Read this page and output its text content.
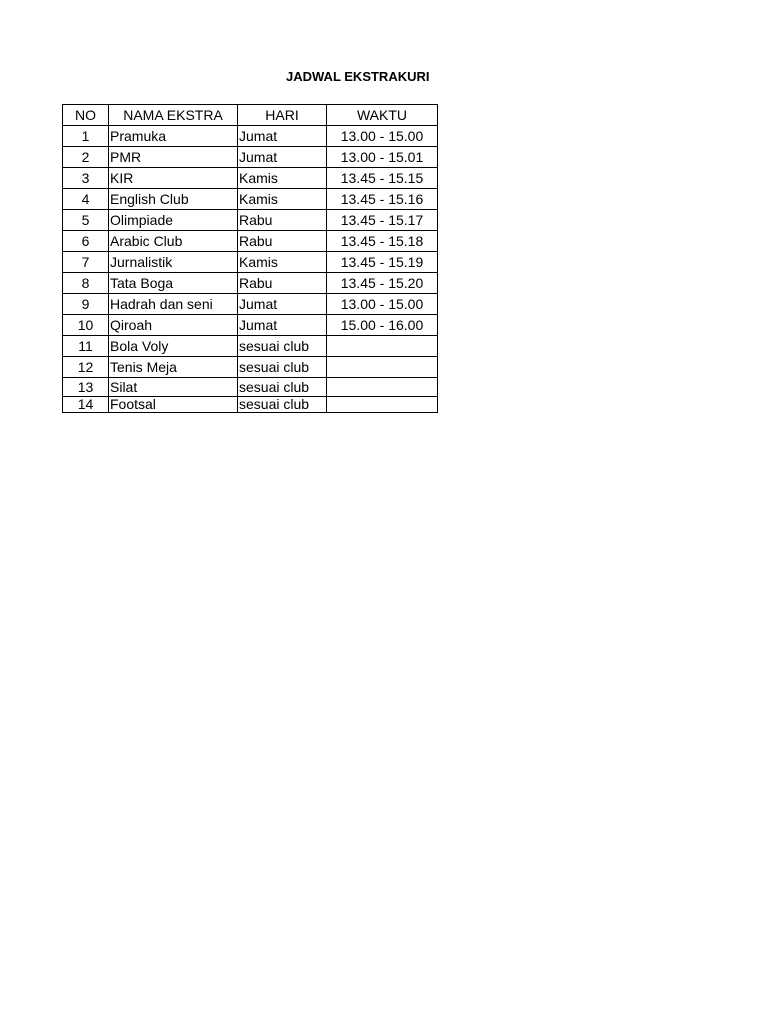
JADWAL EKSTRAKURI
NO	NAMA EKSTRA	HARI	WAKTU
1	Pramuka	Jumat	13.00 - 15.00
2	PMR	Jumat	13.00 - 15.01
3	KIR	Kamis	13.45 - 15.15
4	English Club	Kamis	13.45 - 15.16
5	Olimpiade	Rabu	13.45 - 15.17
6	Arabic Club	Rabu	13.45 - 15.18
7	Jurnalistik	Kamis	13.45 - 15.19
8	Tata Boga	Rabu	13.45 - 15.20
9	Hadrah dan seni	Jumat	13.00 - 15.00
10	Qiroah	Jumat	15.00 - 16.00
11	Bola Voly	sesuai club	
12	Tenis Meja	sesuai club	
13	Silat	sesuai club	
14	Footsal	sesuai club	
